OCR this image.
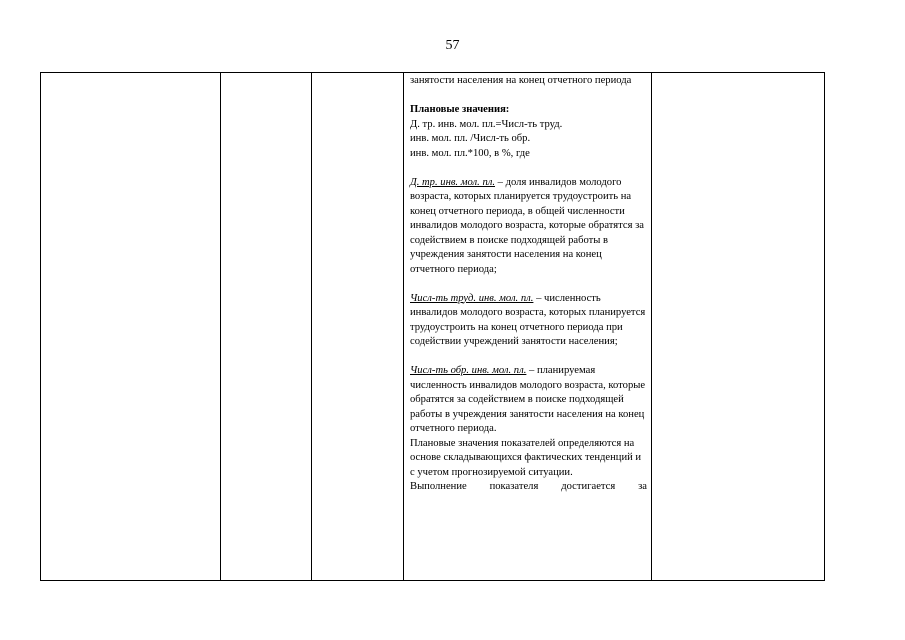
57

занятости населения на конец отчетного периода

Плановые значения:

Д. тр. инв. мол. пл.=Числ-ть труд.

инв. мол. пл. /Числ-ть обр.

инв. мол. пл.*100, в %, где

Д. тр. инв. мол. пл. – доля инвалидов молодого возраста, которых планируется трудоустроить на конец отчетного периода, в общей численности инвалидов молодого возраста, которые обратятся за содействием в поиске подходящей работы в учреждения занятости населения на конец отчетного периода;

Числ-ть труд. инв. мол. пл. – численность инвалидов молодого возраста, которых планируется трудоустроить на конец отчетного периода при содействии учреждений занятости населения;

Числ-ть обр. инв. мол. пл. – планируемая численность инвалидов молодого возраста, которые обратятся за содействием в поиске подходящей работы в учреждения занятости населения на конец отчетного периода.

Плановые значения показателей определяются на основе складывающихся фактических тенденций и с учетом прогнозируемой ситуации.

Выполнение показателя достигается за
